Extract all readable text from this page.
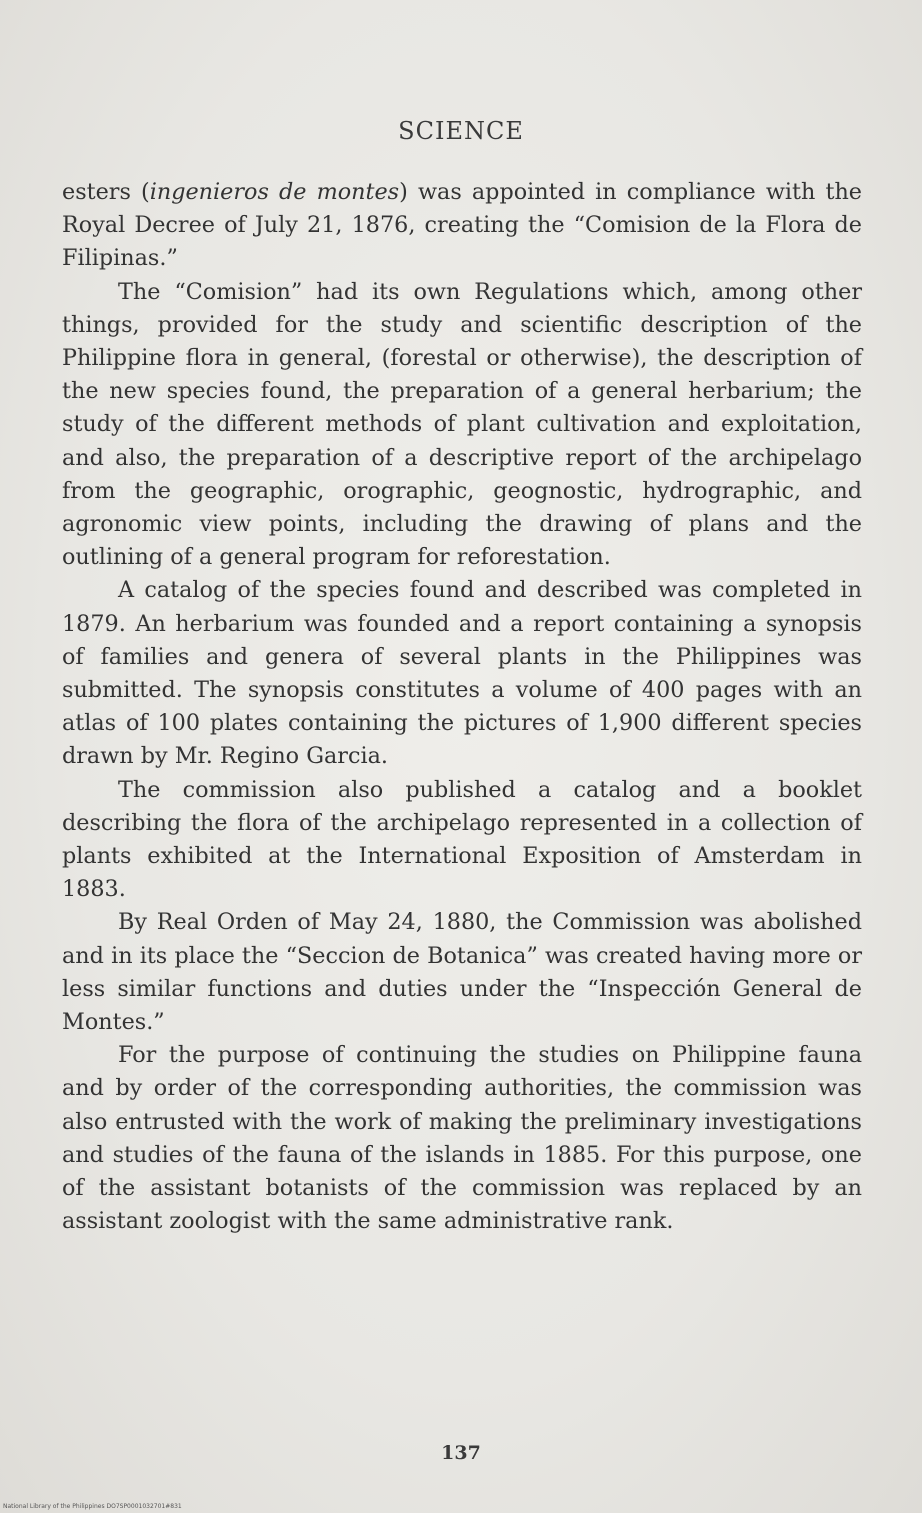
SCIENCE

esters (ingenieros de montes) was appointed in compliance with the Royal Decree of July 21, 1876, creating the “Comision de la Flora de Filipinas.”

The “Comision” had its own Regulations which, among other things, provided for the study and scientific description of the Philippine flora in general, (forestal or otherwise), the description of the new species found, the preparation of a general herbarium; the study of the different methods of plant cultivation and exploitation, and also, the preparation of a descriptive report of the archipelago from the geographic, orographic, geognostic, hydrographic, and agronomic view points, including the drawing of plans and the outlining of a general program for reforestation.

A catalog of the species found and described was completed in 1879. An herbarium was founded and a report containing a synopsis of families and genera of several plants in the Philippines was submitted. The synopsis constitutes a volume of 400 pages with an atlas of 100 plates containing the pictures of 1,900 different species drawn by Mr. Regino Garcia.

The commission also published a catalog and a booklet describing the flora of the archipelago represented in a collection of plants exhibited at the International Exposition of Amsterdam in 1883.

By Real Orden of May 24, 1880, the Commission was abolished and in its place the “Seccion de Botanica” was created having more or less similar functions and duties under the “Inspección General de Montes.”

For the purpose of continuing the studies on Philippine fauna and by order of the corresponding authorities, the commission was also entrusted with the work of making the preliminary investigations and studies of the fauna of the islands in 1885. For this purpose, one of the assistant botanists of the commission was replaced by an assistant zoologist with the same administrative rank.

137
National Library of the Philippines DO7SP0001032701#831
